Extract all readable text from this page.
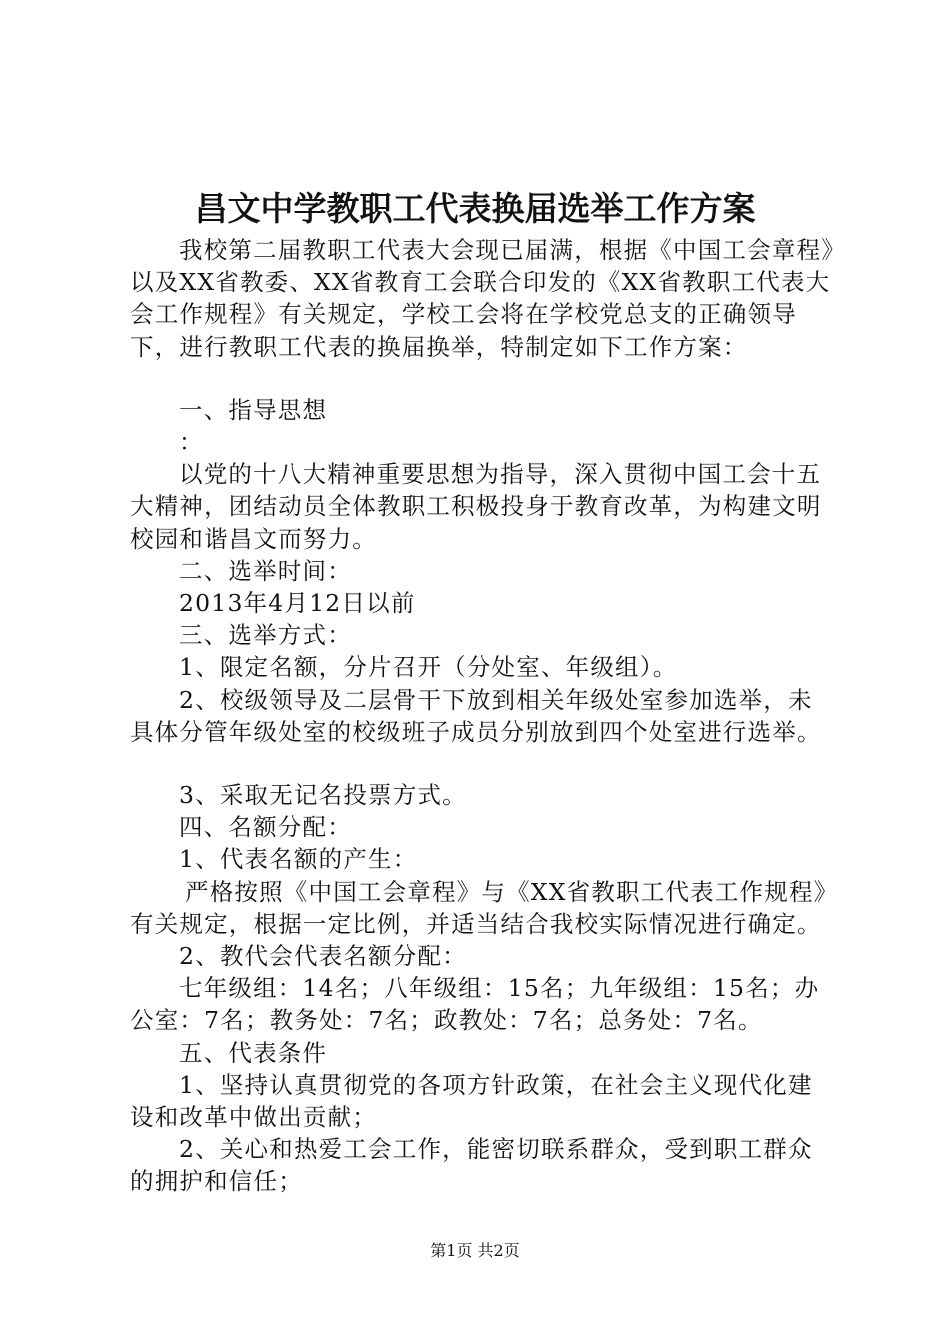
昌文中学教职工代表换届选举工作方案

我校第二届教职工代表大会现已届满，根据《中国工会章程》以及XX省教委、XX省教育工会联合印发的《XX省教职工代表大会工作规程》有关规定，学校工会将在学校党总支的正确领导下，进行教职工代表的换届换举，特制定如下工作方案：

一、指导思想

：

以党的十八大精神重要思想为指导，深入贯彻中国工会十五大精神，团结动员全体教职工积极投身于教育改革，为构建文明校园和谐昌文而努力。

二、选举时间：

2013年4月12日以前

三、选举方式：

1、限定名额，分片召开（分处室、年级组）。

2、校级领导及二层骨干下放到相关年级处室参加选举，未具体分管年级处室的校级班子成员分别放到四个处室进行选举。

3、采取无记名投票方式。

四、名额分配：

1、代表名额的产生：

严格按照《中国工会章程》与《XX省教职工代表工作规程》有关规定，根据一定比例，并适当结合我校实际情况进行确定。

2、教代会代表名额分配：

七年级组：14名；八年级组：15名；九年级组：15名；办公室：7名；教务处：7名；政教处：7名；总务处：7名。

五、代表条件

1、坚持认真贯彻党的各项方针政策，在社会主义现代化建设和改革中做出贡献；

2、关心和热爱工会工作，能密切联系群众，受到职工群众的拥护和信任；

第1页 共2页
